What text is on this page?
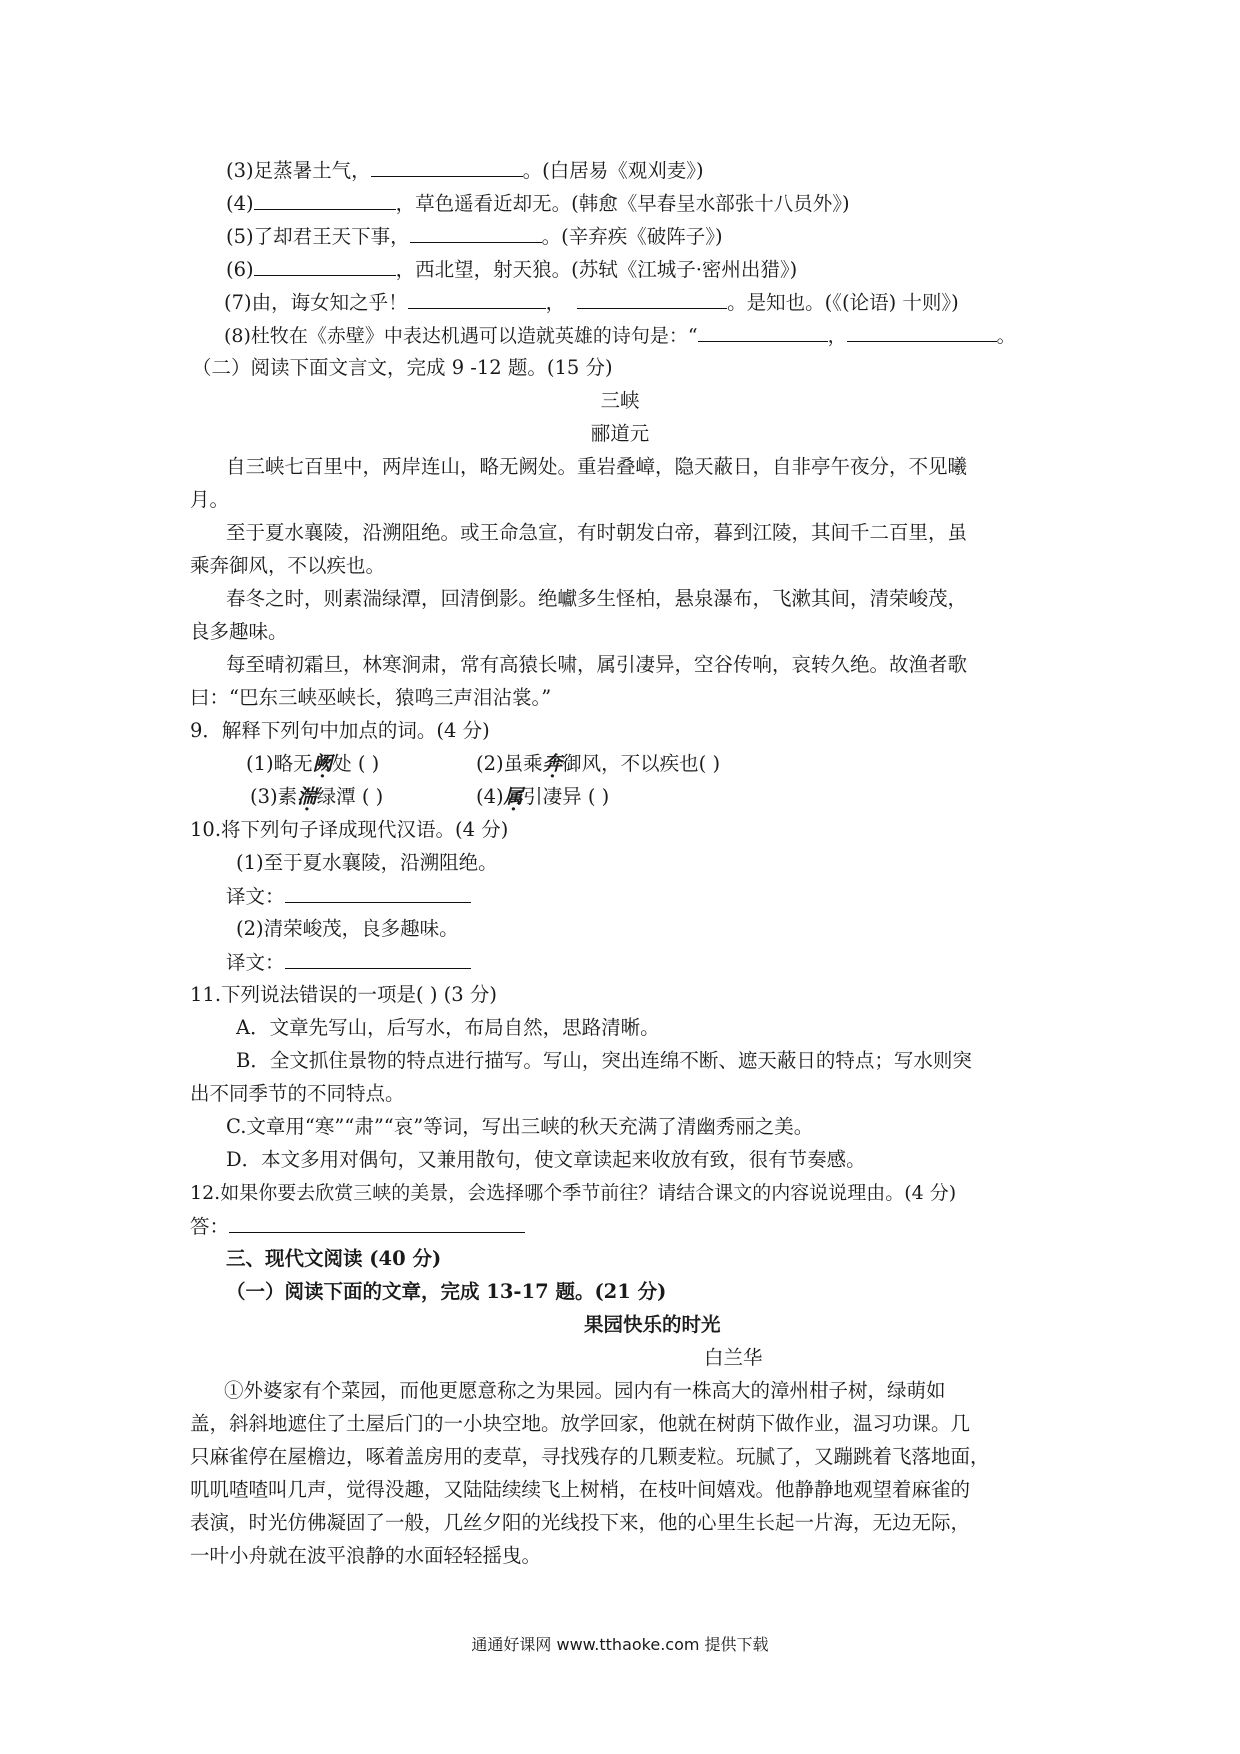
(3)足蒸暑土气，	。(白居易《观刈麦》)
(4)	，草色遥看近却无。(韩愈《早春呈水部张十八员外》)
(5)了却君王天下事，	。(辛弃疾《破阵子》)
(6)	，西北望，射天狼。(苏轼《江城子·密州出猎》)
(7)由，诲女知之乎！	，	。是知也。(《(论语) 十则》)
(8)杜牧在《赤壁》中表达机遇可以造就英雄的诗句是：“	，	。
（二）阅读下面文言文，完成 9 -12 题。(15 分)
三峡
郦道元
自三峡七百里中，两岸连山，略无阙处。重岩叠嶂，隐天蔽日，自非亭午夜分，不见曦
月。
至于夏水襄陵，沿溯阻绝。或王命急宣，有时朝发白帝，暮到江陵，其间千二百里，虽
乘奔御风，不以疾也。
春冬之时，则素湍绿潭，回清倒影。绝巘多生怪柏，悬泉瀑布，飞漱其间，清荣峻茂，
良多趣味。
每至晴初霜旦，林寒涧肃，常有高猿长啸，属引凄异，空谷传响，哀转久绝。故渔者歌
曰：“巴东三峡巫峡长，猿鸣三声泪沾裳。”
9．解释下列句中加点的词。(4 分)
(1)略无阙处 ( )	(2)虽乘奔御风，不以疾也( )
(3)素湍绿潭 ( )	(4)属引凄异 ( )
10.将下列句子译成现代汉语。(4 分)
(1)至于夏水襄陵，沿溯阻绝。
译文：
(2)清荣峻茂，良多趣味。
译文：
11.下列说法错误的一项是( ) (3 分)
A．文章先写山，后写水，布局自然，思路清晰。
B．全文抓住景物的特点进行描写。写山，突出连绵不断、遮天蔽日的特点；写水则突
出不同季节的不同特点。
C.文章用“寒”“肃”“哀”等词，写出三峡的秋天充满了清幽秀丽之美。
D．本文多用对偶句，又兼用散句，使文章读起来收放有致，很有节奏感。
12.如果你要去欣赏三峡的美景，会选择哪个季节前往？请结合课文的内容说说理由。(4 分)
答：
三、现代文阅读 (40 分)
（一）阅读下面的文章，完成 13-17 题。(21 分)
果园快乐的时光
白兰华
①外婆家有个菜园，而他更愿意称之为果园。园内有一株高大的漳州柑子树，绿萌如
盖，斜斜地遮住了土屋后门的一小块空地。放学回家，他就在树荫下做作业，温习功课。几
只麻雀停在屋檐边，啄着盖房用的麦草，寻找残存的几颗麦粒。玩腻了，又蹦跳着飞落地面，
叽叽喳喳叫几声，觉得没趣，又陆陆续续飞上树梢，在枝叶间嬉戏。他静静地观望着麻雀的
表演，时光仿佛凝固了一般，几丝夕阳的光线投下来，他的心里生长起一片海，无边无际，
一叶小舟就在波平浪静的水面轻轻摇曳。
通通好课网 www.tthaoke.com 提供下载
